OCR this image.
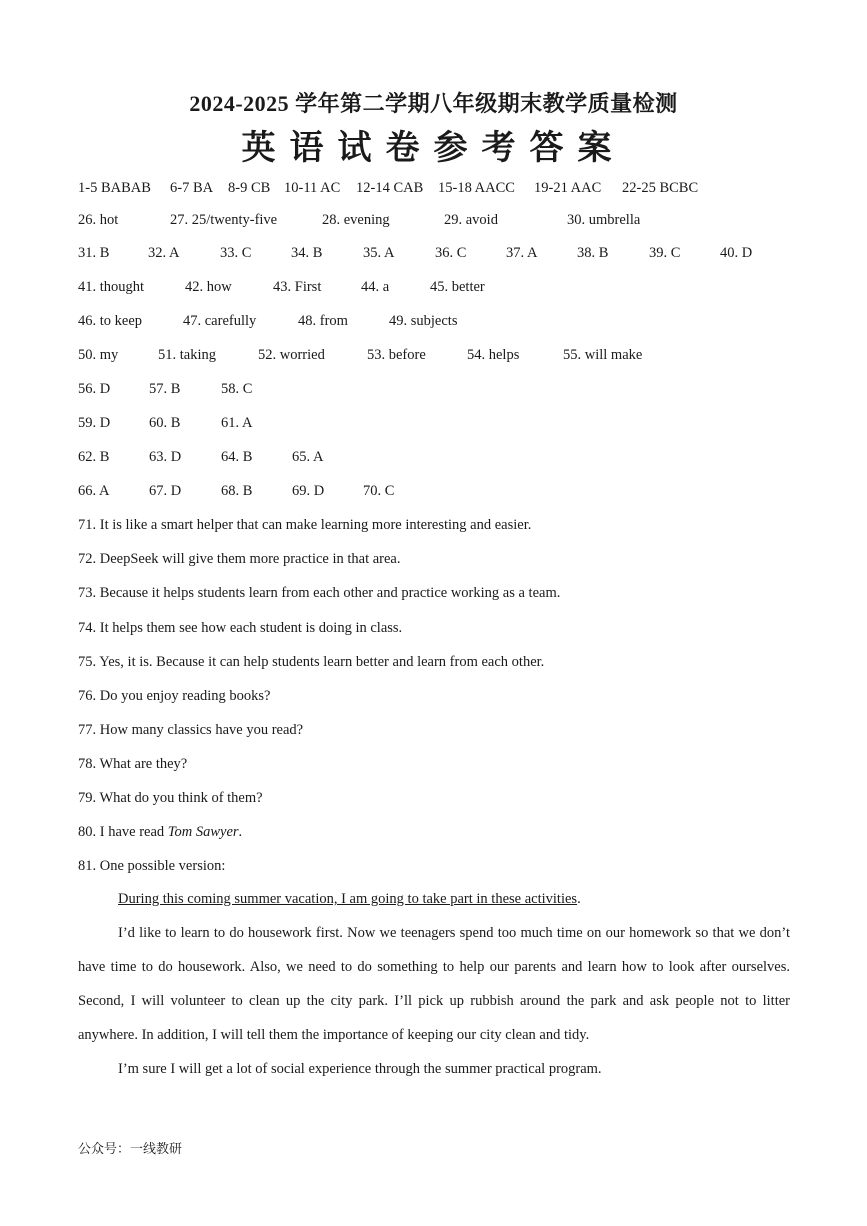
2024-2025 学年第二学期八年级期末教学质量检测
英语试卷参考答案
1-5 BABAB 6-7 BA 8-9 CB 10-11 AC 12-14 CAB 15-18 AACC 19-21 AAC 22-25 BCBC
26. hot	27. 25/twenty-five	28. evening	29. avoid	30. umbrella
31. B	32. A	33. C	34. B	35. A	36. C	37. A	38. B	39. C	40. D
41. thought	42. how	43. First	44. a	45. better
46. to keep	47. carefully	48. from	49. subjects
50. my	51. taking	52. worried	53. before	54. helps	55. will make
56. D	57. B	58. C
59. D	60. B	61. A
62. B	63. D	64. B	65. A
66. A	67. D	68. B	69. D	70. C
71. It is like a smart helper that can make learning more interesting and easier.
72. DeepSeek will give them more practice in that area.
73. Because it helps students learn from each other and practice working as a team.
74. It helps them see how each student is doing in class.
75. Yes, it is. Because it can help students learn better and learn from each other.
76. Do you enjoy reading books?
77. How many classics have you read?
78. What are they?
79. What do you think of them?
80. I have read Tom Sawyer.
81. One possible version:
During this coming summer vacation, I am going to take part in these activities.
I’d like to learn to do housework first. Now we teenagers spend too much time on our homework so that we don’t have time to do housework. Also, we need to do something to help our parents and learn how to look after ourselves. Second, I will volunteer to clean up the city park. I’ll pick up rubbish around the park and ask people not to litter anywhere. In addition, I will tell them the importance of keeping our city clean and tidy.
I’m sure I will get a lot of social experience through the summer practical program.
公众号：一线教研
